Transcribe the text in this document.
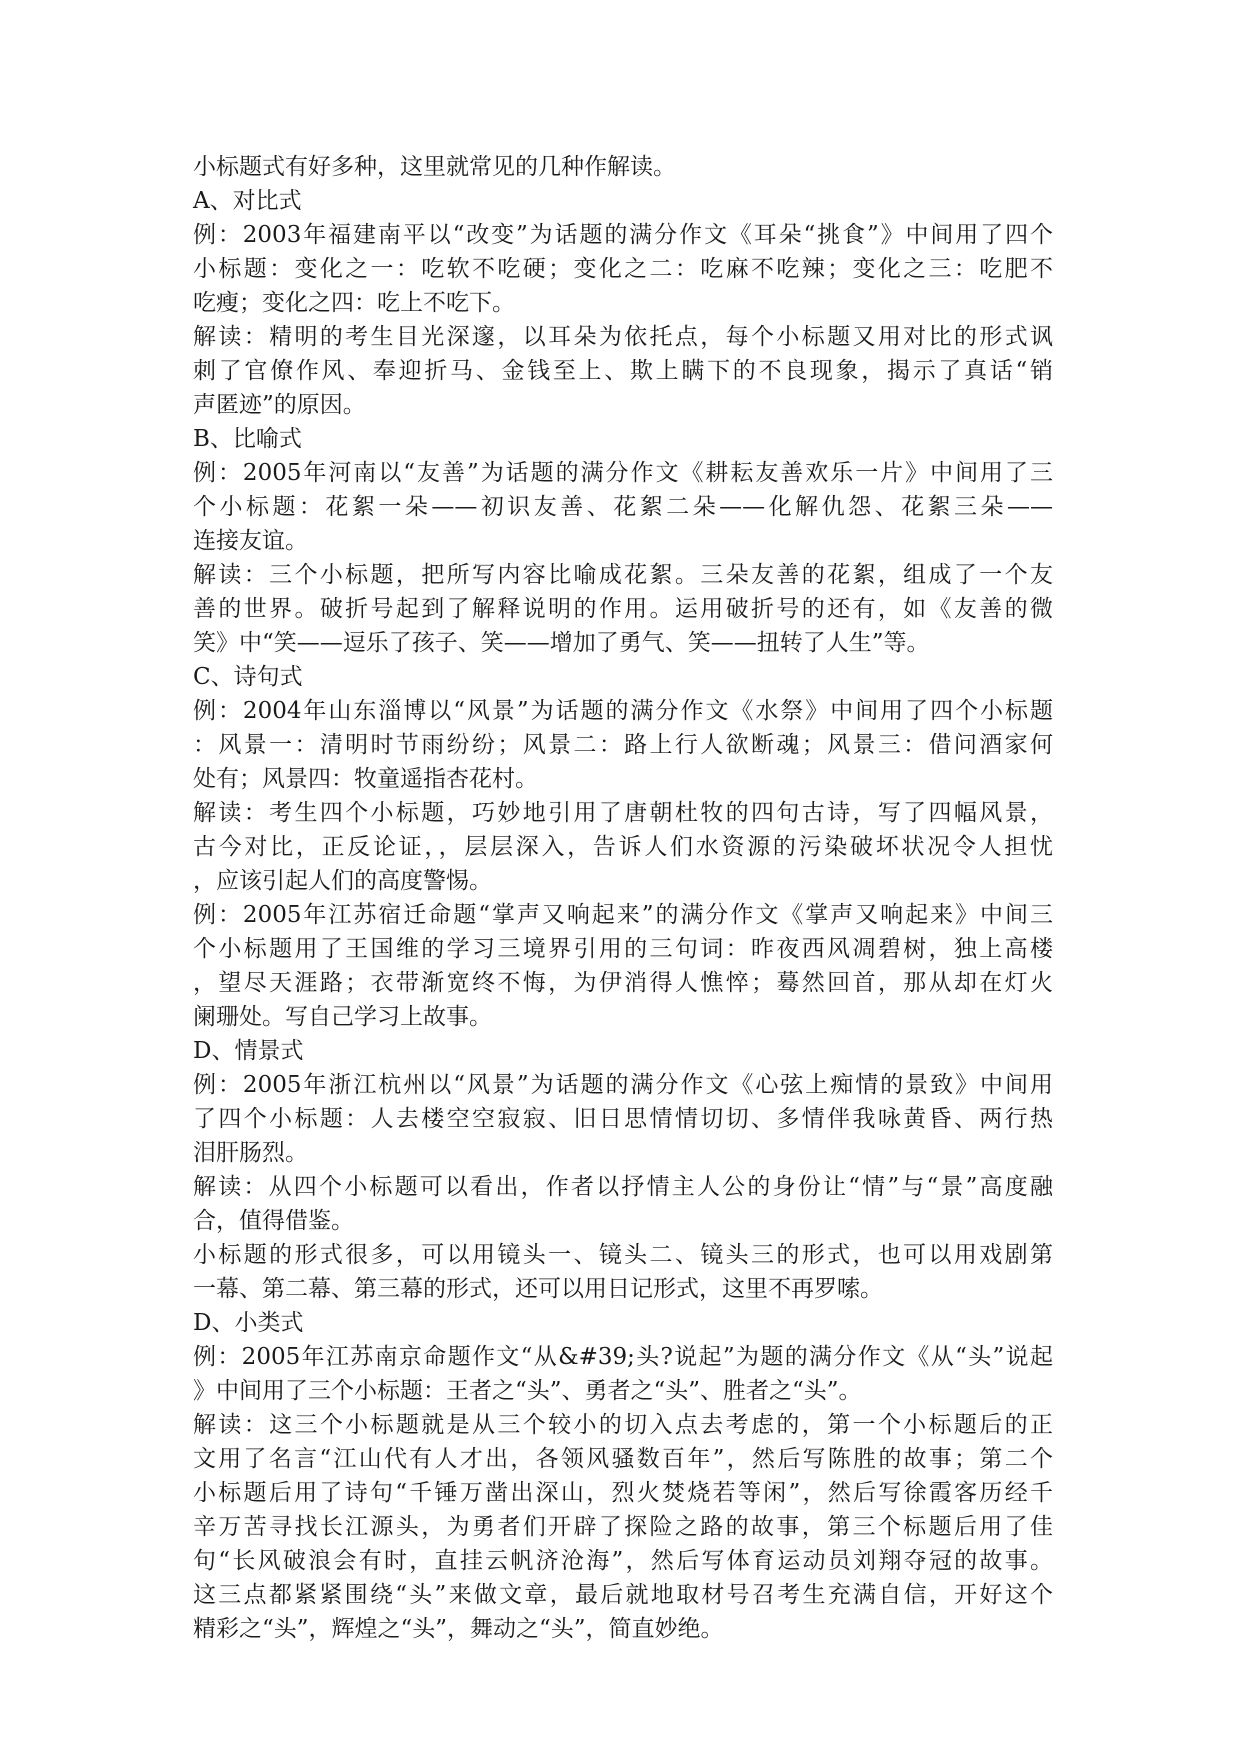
小标题式有好多种，这里就常见的几种作解读。
A、对比式
例：2003年福建南平以“改变”为话题的满分作文《耳朵“挑食”》中间用了四个
小标题：变化之一：吃软不吃硬；变化之二：吃麻不吃辣；变化之三：吃肥不
吃瘦；变化之四：吃上不吃下。
解读：精明的考生目光深邃，以耳朵为依托点，每个小标题又用对比的形式讽
刺了官僚作风、奉迎折马、金钱至上、欺上瞒下的不良现象，揭示了真话“销
声匿迹”的原因。
B、比喻式
例：2005年河南以“友善”为话题的满分作文《耕耘友善欢乐一片》中间用了三
个小标题：花絮一朵——初识友善、花絮二朵——化解仇怨、花絮三朵——
连接友谊。
解读：三个小标题，把所写内容比喻成花絮。三朵友善的花絮，组成了一个友
善的世界。破折号起到了解释说明的作用。运用破折号的还有，如《友善的微
笑》中“笑——逗乐了孩子、笑——增加了勇气、笑——扭转了人生”等。
C、诗句式
例：2004年山东淄博以“风景”为话题的满分作文《水祭》中间用了四个小标题
：风景一：清明时节雨纷纷；风景二：路上行人欲断魂；风景三：借问酒家何
处有；风景四：牧童遥指杏花村。
解读：考生四个小标题，巧妙地引用了唐朝杜牧的四句古诗，写了四幅风景，
古今对比，正反论证，，层层深入，告诉人们水资源的污染破坏状况令人担忧
，应该引起人们的高度警惕。
例：2005年江苏宿迁命题“掌声又响起来”的满分作文《掌声又响起来》中间三
个小标题用了王国维的学习三境界引用的三句词：昨夜西风凋碧树，独上高楼
，望尽天涯路；衣带渐宽终不悔，为伊消得人憔悴；蓦然回首，那从却在灯火
阑珊处。写自己学习上故事。
D、情景式
例：2005年浙江杭州以“风景”为话题的满分作文《心弦上痴情的景致》中间用
了四个小标题：人去楼空空寂寂、旧日思情情切切、多情伴我咏黄昏、两行热
泪肝肠烈。
解读：从四个小标题可以看出，作者以抒情主人公的身份让“情”与“景”高度融
合，值得借鉴。
小标题的形式很多，可以用镜头一、镜头二、镜头三的形式，也可以用戏剧第
一幕、第二幕、第三幕的形式，还可以用日记形式，这里不再罗嗦。
D、小类式
例：2005年江苏南京命题作文“从&#39;头?说起”为题的满分作文《从“头”说起
》中间用了三个小标题：王者之“头”、勇者之“头”、胜者之“头”。
解读：这三个小标题就是从三个较小的切入点去考虑的，第一个小标题后的正
文用了名言“江山代有人才出，各领风骚数百年”，然后写陈胜的故事；第二个
小标题后用了诗句“千锤万凿出深山，烈火焚烧若等闲”，然后写徐霞客历经千
辛万苦寻找长江源头，为勇者们开辟了探险之路的故事，第三个标题后用了佳
句“长风破浪会有时，直挂云帆济沧海”，然后写体育运动员刘翔夺冠的故事。
这三点都紧紧围绕“头”来做文章，最后就地取材号召考生充满自信，开好这个
精彩之“头”，辉煌之“头”，舞动之“头”，简直妙绝。
